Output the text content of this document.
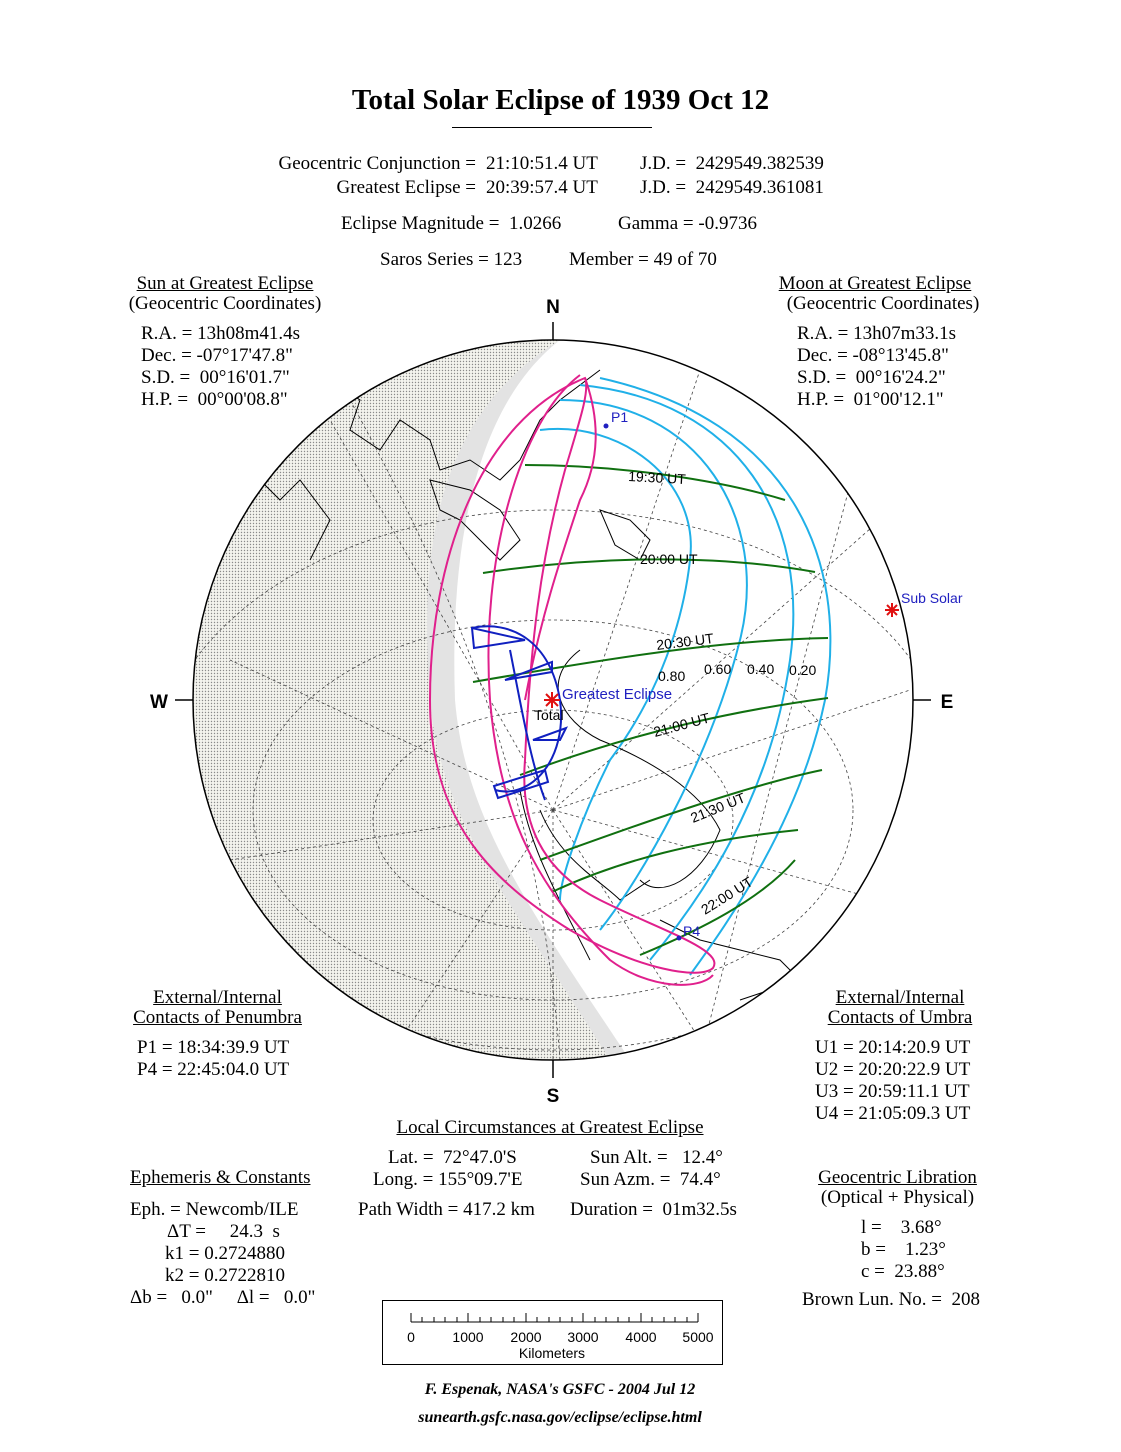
Total Solar Eclipse of 1939 Oct 12
Geocentric Conjunction = 21:10:51.4 UT J.D. =  2429549.382539
Greatest Eclipse = 20:39:57.4 UT J.D. =  2429549.361081
Eclipse Magnitude =  1.0266	Gamma = -0.9736
Saros Series = 123 Member = 49 of 70
Sun at Greatest Eclipse
(Geocentric Coordinates)
R.A. = 13h08m41.4s
Dec. = -07°17'47.8"
S.D. =  00°16'01.7"
H.P. =  00°00'08.8"
Moon at Greatest Eclipse
(Geocentric Coordinates)
R.A. = 13h07m33.1s
Dec. = -08°13'45.8"
S.D. =  00°16'24.2"
H.P. =  01°00'12.1"
External/Internal
Contacts of Penumbra
P1 = 18:34:39.9 UT
P4 = 22:45:04.0 UT
External/Internal
Contacts of Umbra
U1 = 20:14:20.9 UT
U2 = 20:20:22.9 UT
U3 = 20:59:11.1 UT
U4 = 21:05:09.3 UT
Local Circumstances at Greatest Eclipse
Lat. =  72°47.0'S
Long. = 155°09.7'E
Sun Alt. =   12.4°
Sun Azm. =  74.4°
Path Width = 417.2 km Duration =  01m32.5s
Ephemeris & Constants
Eph. = Newcomb/ILE
ΔT =     24.3  s
k1 = 0.2724880
k2 = 0.2722810
Δb =   0.0"     Δl =   0.0"
Geocentric Libration
(Optical + Physical)
l =    3.68°
b =    1.23°
c =  23.88°
Brown Lun. No. =  208
N
S
W	E
P1
P4
Sub Solar
Greatest Eclipse
Total
19:30 UT
20:00 UT
20:30 UT
21:00 UT
21:30 UT
22:00 UT
0.80 0.60 0.40 0.20
0	1000 2000 3000 4000 5000
Kilometers
F. Espenak, NASA's GSFC - 2004 Jul 12
sunearth.gsfc.nasa.gov/eclipse/eclipse.html
